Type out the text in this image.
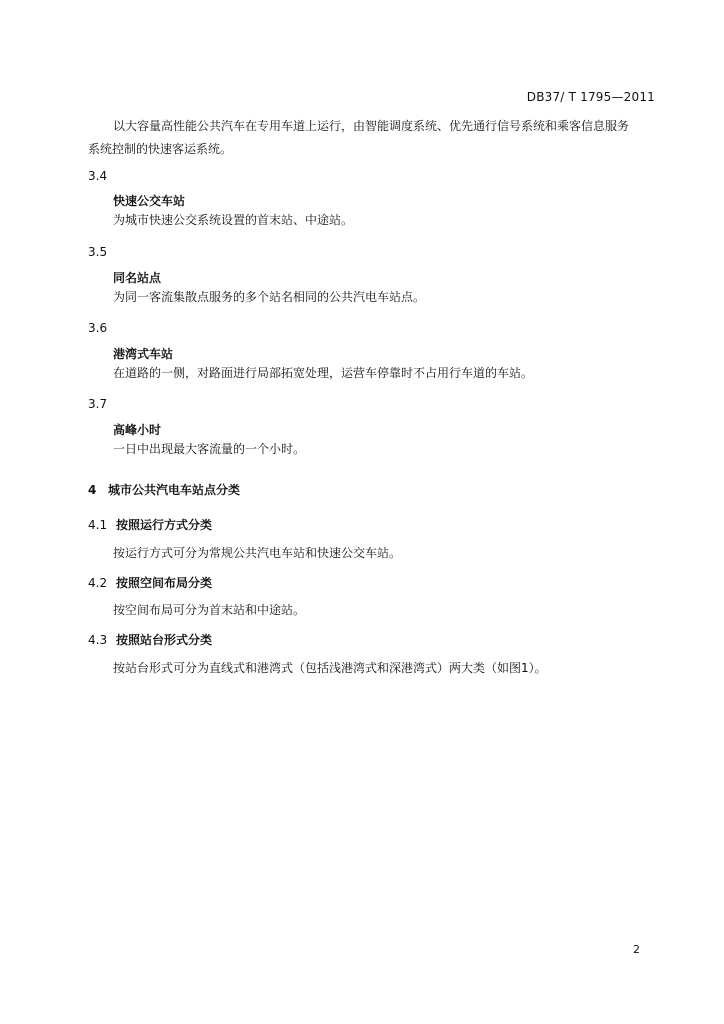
DB37/ T 1795—2011
以大容量高性能公共汽车在专用车道上运行，由智能调度系统、优先通行信号系统和乘客信息服务
系统控制的快速客运系统。
3.4
快速公交车站
为城市快速公交系统设置的首末站、中途站。
3.5
同名站点
为同一客流集散点服务的多个站名相同的公共汽电车站点。
3.6
港湾式车站
在道路的一侧，对路面进行局部拓宽处理，运营车停靠时不占用行车道的车站。
3.7
高峰小时
一日中出现最大客流量的一个小时。
4 城市公共汽电车站点分类
4.1 按照运行方式分类
按运行方式可分为常规公共汽电车站和快速公交车站。
4.2 按照空间布局分类
按空间布局可分为首末站和中途站。
4.3 按照站台形式分类
按站台形式可分为直线式和港湾式（包括浅港湾式和深港湾式）两大类（如图1）。
2
